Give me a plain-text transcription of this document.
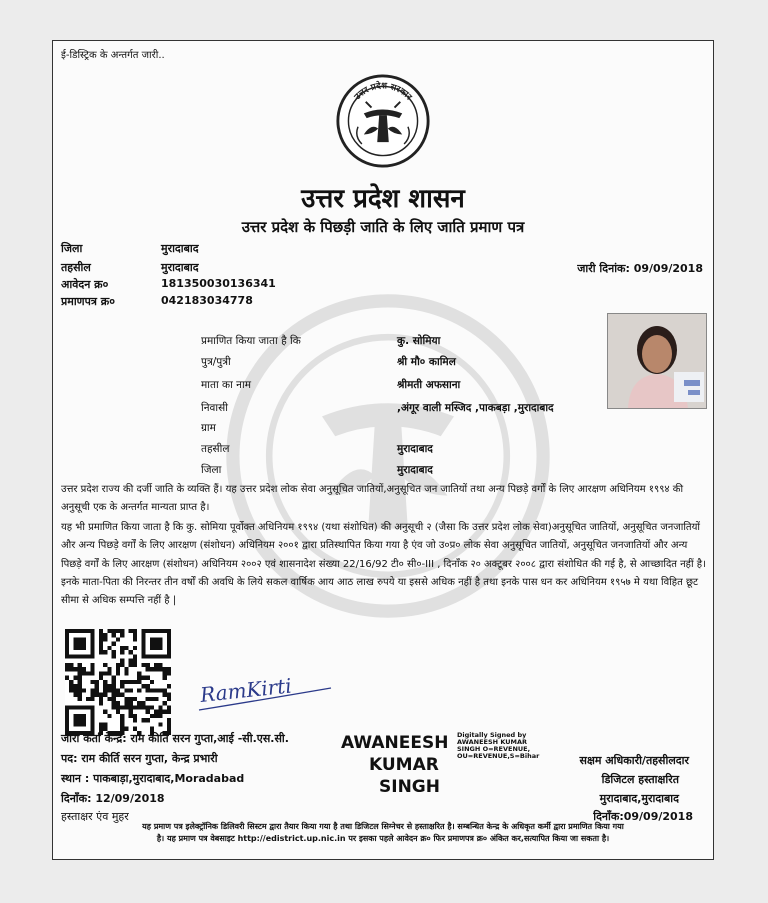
ई-डिस्ट्रिक के अन्तर्गत जारी..
उत्तर प्रदेश सरकार
उत्तर प्रदेश शासन
उत्तर प्रदेश के पिछड़ी जाति के लिए जाति प्रमाण पत्र
जिला	मुरादाबाद
तहसील	मुरादाबाद
आवेदन क्र०	181350030136341
प्रमाणपत्र क्र०	042183034778
जारी दिनांक: 09/09/2018
प्रमाणित किया जाता है कि	कु. सोमिया
पुत्र/पुत्री	श्री मौ० कामिल
माता का नाम	श्रीमती अफसाना
निवासी	,अंगूर वाली मस्जिद ,पाकबड़ा ,मुरादाबाद
ग्राम
तहसील	मुरादाबाद
जिला	मुरादाबाद
उत्तर प्रदेश राज्य की दर्जी जाति के व्यक्ति हैं। यह उत्तर प्रदेश लोक सेवा अनुसूचित जातियों,अनुसूचित जन जातियों तथा अन्य पिछड़े वर्गों के लिए आरक्षण अधिनियम १९९४ की अनुसूची एक के अन्तर्गत मान्यता प्राप्त है।
यह भी प्रमाणित किया जाता है कि कु. सोमिया पूर्वोक्त अधिनियम १९९४ (यथा संशोधित) की अनुसूची २ (जैसा कि उत्तर प्रदेश लोक सेवा)अनुसूचित जातियों, अनुसूचित जनजातियों और अन्य पिछड़े वर्गों के लिए आरक्षण (संशोधन) अधिनियम २००१ द्वारा प्रतिस्थापित किया गया है एंव जो उ०प्र० लोक सेवा अनुसूचित जातियों, अनुसूचित जनजातियों और अन्य पिछड़े वर्गों के लिए आरक्षण (संशोधन) अधिनियम २००२ एवं शासनादेश संख्या 22/16/92 टी० सी०-III , दिनाँक २० अक्टूबर २००८ द्वारा संशोधित की गई है, से आच्छादित नहीं है।इनके माता-पिता की निरन्तर तीन वर्षों की अवधि के लिये सकल वार्षिक आय आठ लाख रुपये या इससे अधिक नहीं है तथा इनके पास धन कर अधिनियम १९५७ मे यथा विहित छूट सीमा से अधिक सम्पत्ति नहीं है |
RamKirti
जारी कर्ता केन्द्र: राम कीर्ति सरन गुप्ता,आई -सी.एस.सी.
पद: राम कीर्ति सरन गुप्ता, केन्द्र प्रभारी
स्थान : पाकबाड़ा,मुरादाबाद,Moradabad
दिनाँक: 12/09/2018
हस्ताक्षर एंव मुहर
AWANEESH
KUMAR
SINGH
Digitally Signed by
AWANEESH KUMAR
SINGH O=REVENUE,
OU=REVENUE,S=Bihar	सक्षम अधिकारी/तहसीलदार
डिजिटल हस्ताक्षरित
मुरादाबाद,मुरादाबाद
दिनाँक:09/09/2018
यह प्रमाण पत्र इलेक्ट्रॉनिक डिलिवरी सिस्टम द्वारा तैयार किया गया है तथा डिजिटल सिग्नेचर से हस्ताक्षरित है। सम्बन्धित केन्द्र के अधिकृत कर्मी द्वारा प्रमाणित किया गया
है। यह प्रमाण पत्र वेबसाइट http://edistrict.up.nic.in पर इसका पहले आवेदन क्र० फिर प्रमाणपत्र क्र० अंकित कर,सत्यापित किया जा सकता है।
